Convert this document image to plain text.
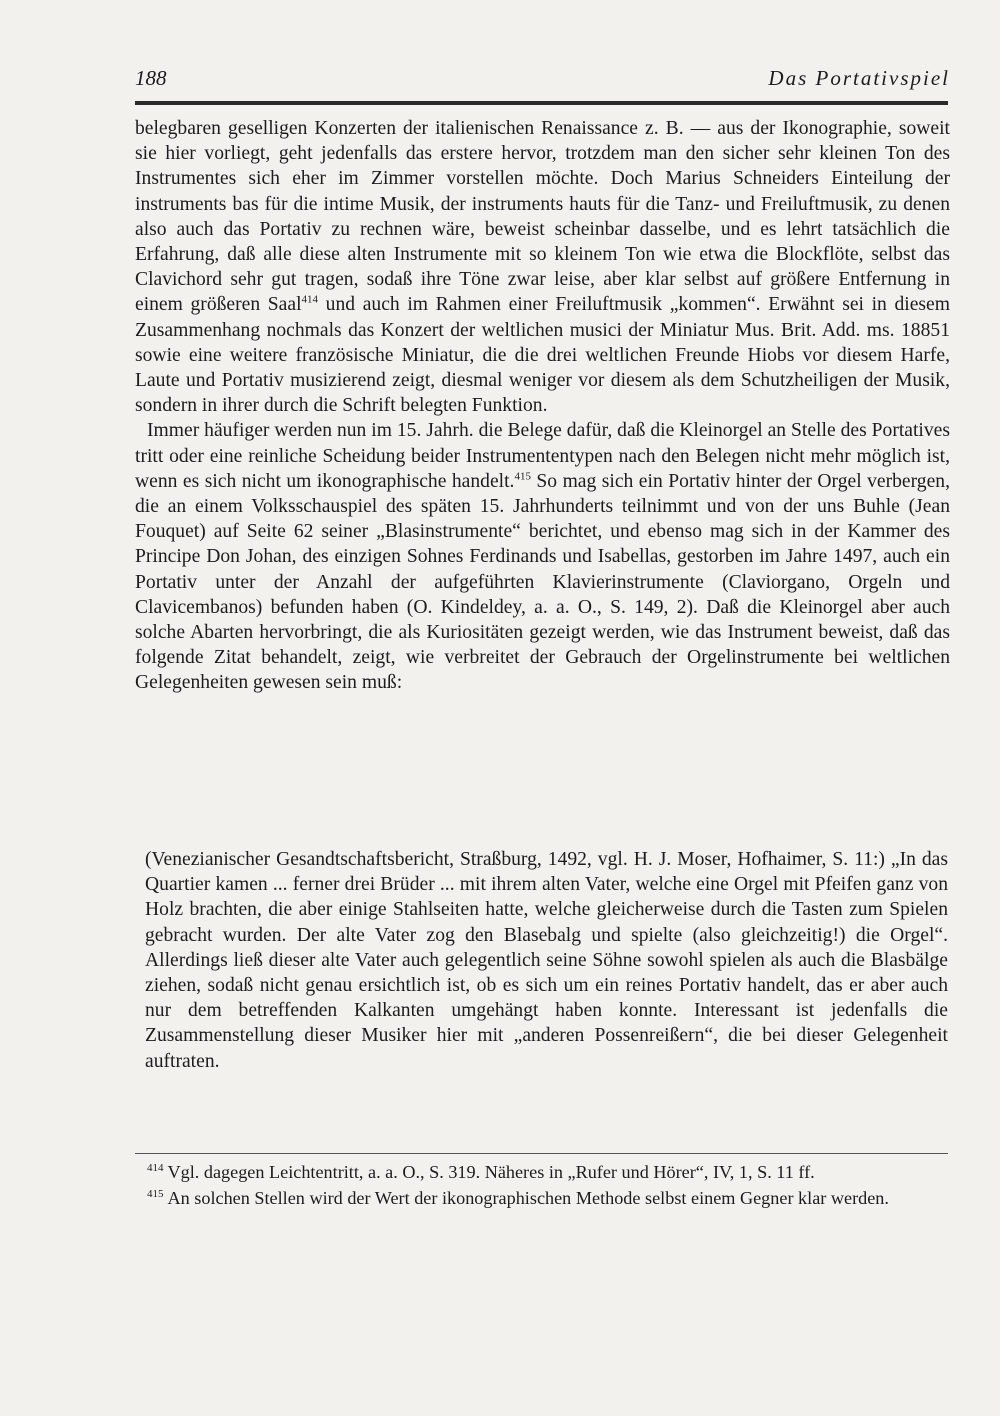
188	Das Portativspiel

belegbaren geselligen Konzerten der italienischen Renaissance z. B. — aus der Ikonographie, soweit sie hier vorliegt, geht jedenfalls das erstere hervor, trotzdem man den sicher sehr kleinen Ton des Instrumentes sich eher im Zimmer vorstellen möchte. Doch Marius Schneiders Einteilung der instruments bas für die intime Musik, der instruments hauts für die Tanz- und Freiluftmusik, zu denen also auch das Portativ zu rechnen wäre, beweist scheinbar dasselbe, und es lehrt tatsächlich die Erfahrung, daß alle diese alten Instrumente mit so kleinem Ton wie etwa die Blockflöte, selbst das Clavichord sehr gut tragen, sodaß ihre Töne zwar leise, aber klar selbst auf größere Entfernung in einem größeren Saal$^{414}$ und auch im Rahmen einer Freiluftmusik „kommen“. Erwähnt sei in diesem Zusammenhang nochmals das Konzert der weltlichen musici der Miniatur Mus. Brit. Add. ms. 18851 sowie eine weitere französische Miniatur, die die drei weltlichen Freunde Hiobs vor diesem Harfe, Laute und Portativ musizierend zeigt, diesmal weniger vor diesem als dem Schutzheiligen der Musik, sondern in ihrer durch die Schrift belegten Funktion.

Immer häufiger werden nun im 15. Jahrh. die Belege dafür, daß die Kleinorgel an Stelle des Portatives tritt oder eine reinliche Scheidung beider Instrumententypen nach den Belegen nicht mehr möglich ist, wenn es sich nicht um ikonographische handelt.$^{415}$ So mag sich ein Portativ hinter der Orgel verbergen, die an einem Volksschauspiel des späten 15. Jahrhunderts teilnimmt und von der uns Buhle (Jean Fouquet) auf Seite 62 seiner „Blasinstrumente“ berichtet, und ebenso mag sich in der Kammer des Principe Don Johan, des einzigen Sohnes Ferdinands und Isabellas, gestorben im Jahre 1497, auch ein Portativ unter der Anzahl der aufgeführten Klavierinstrumente (Claviorgano, Orgeln und Clavicembanos) befunden haben (O. Kindeldey, a. a. O., S. 149, 2). Daß die Kleinorgel aber auch solche Abarten hervorbringt, die als Kuriositäten gezeigt werden, wie das Instrument beweist, daß das folgende Zitat behandelt, zeigt, wie verbreitet der Gebrauch der Orgelinstrumente bei weltlichen Gelegenheiten gewesen sein muß:

(Venezianischer Gesandtschaftsbericht, Straßburg, 1492, vgl. H. J. Moser, Hofhaimer, S. 11:) „In das Quartier kamen ... ferner drei Brüder ... mit ihrem alten Vater, welche eine Orgel mit Pfeifen ganz von Holz brachten, die aber einige Stahlseiten hatte, welche gleicherweise durch die Tasten zum Spielen gebracht wurden. Der alte Vater zog den Blasebalg und spielte (also gleichzeitig!) die Orgel“. Allerdings ließ dieser alte Vater auch gelegentlich seine Söhne sowohl spielen als auch die Blasbälge ziehen, sodaß nicht genau ersichtlich ist, ob es sich um ein reines Portativ handelt, das er aber auch nur dem betreffenden Kalkanten umgehängt haben konnte. Interessant ist jedenfalls die Zusammenstellung dieser Musiker hier mit „anderen Possenreißern“, die bei dieser Gelegenheit auftraten.

$^{414}$ Vgl. dagegen Leichtentritt, a. a. O., S. 319. Näheres in „Rufer und Hörer“, IV, 1, S. 11 ff.

$^{415}$ An solchen Stellen wird der Wert der ikonographischen Methode selbst einem Gegner klar werden.
